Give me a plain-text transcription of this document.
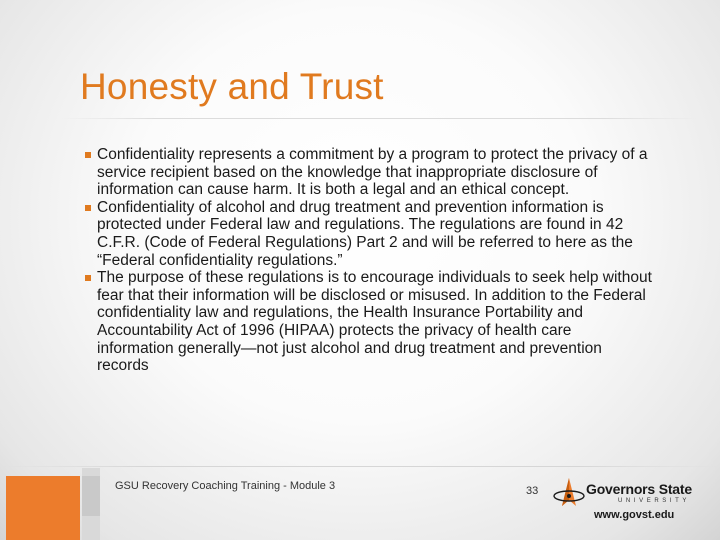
Honesty and Trust
Confidentiality represents a commitment by a program to protect the privacy of a service recipient based on the knowledge that inappropriate disclosure of information can cause harm. It is both a legal and an ethical concept.
Confidentiality of alcohol and drug treatment and prevention information is protected under Federal law and regulations. The regulations are found in 42 C.F.R. (Code of Federal Regulations) Part 2 and will be referred to here as the “Federal confidentiality regulations.”
The purpose of these regulations is to encourage individuals to seek help without fear that their information will be disclosed or misused. In addition to the Federal confidentiality law and regulations, the Health Insurance Portability and Accountability Act of 1996 (HIPAA) protects the privacy of health care information generally—not just alcohol and drug treatment and prevention records
GSU Recovery Coaching Training - Module 3	33	Governors State
UNIVERSITY
www.govst.edu
